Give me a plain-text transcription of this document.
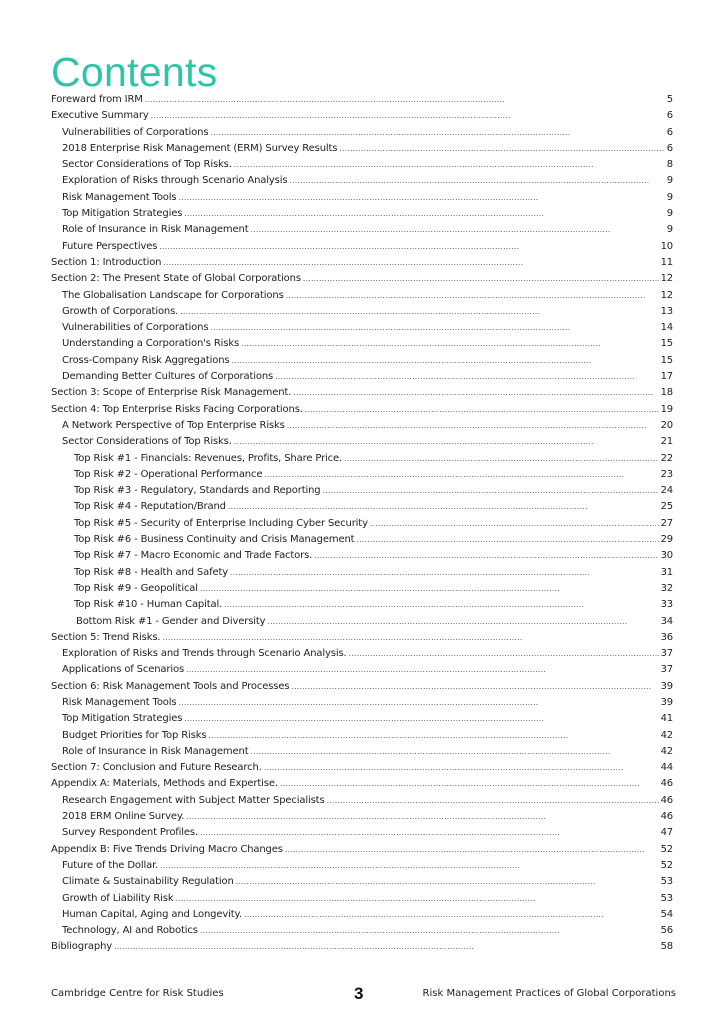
Contents
Foreward from IRM . . .	5
Executive Summary . . .	6
Vulnerabilities of Corporations . . .	6
2018 Enterprise Risk Management (ERM) Survey Results . . .	6
Sector Considerations of Top Risks. . . .	8
Exploration of Risks through Scenario Analysis . . .	9
Risk Management Tools . . .	9
Top Mitigation Strategies . . .	9
Role of Insurance in Risk Management . . .	9
Future Perspectives . . .	10
Section 1: Introduction . . .	11
Section 2: The Present State of Global Corporations . . .	12
The Globalisation Landscape for Corporations . . .	12
Growth of Corporations. . . .	13
Vulnerabilities of Corporations . . .	14
Understanding a Corporation's Risks . . .	15
Cross-Company Risk Aggregations . . .	15
Demanding Better Cultures of Corporations . . .	17
Section 3: Scope of Enterprise Risk Management. . . .	18
Section 4: Top Enterprise Risks Facing Corporations. . . .	19
A Network Perspective of Top Enterprise Risks . . .	20
Sector Considerations of Top Risks. . . .	21
Top Risk #1 - Financials: Revenues, Profits, Share Price. . . .	22
Top Risk #2 - Operational Performance . . .	23
Top Risk #3 - Regulatory, Standards and Reporting . . .	24
Top Risk #4 - Reputation/Brand . . .	25
Top Risk #5 - Security of Enterprise Including Cyber Security . . .	27
Top Risk #6 - Business Continuity and Crisis Management . . .	29
Top Risk #7 - Macro Economic and Trade Factors. . . .	30
Top Risk #8 - Health and Safety . . .	31
Top Risk #9 - Geopolitical . . .	32
Top Risk #10 - Human Capital. . . .	33
Bottom Risk #1 - Gender and Diversity . . .	34
Section 5: Trend Risks. . . .	36
Exploration of Risks and Trends through Scenario Analysis. . . .	37
Applications of Scenarios . . .	37
Section 6: Risk Management Tools and Processes . . .	39
Risk Management Tools . . .	39
Top Mitigation Strategies . . .	41
Budget Priorities for Top Risks . . .	42
Role of Insurance in Risk Management . . .	42
Section 7: Conclusion and Future Research. . . .	44
Appendix A: Materials, Methods and Expertise. . . .	46
Research Engagement with Subject Matter Specialists . . .	46
2018 ERM Online Survey. . . .	46
Survey Respondent Profiles. . . .	47
Appendix B: Five Trends Driving Macro Changes . . .	52
Future of the Dollar. . . .	52
Climate & Sustainability Regulation . . .	53
Growth of Liability Risk . . .	53
Human Capital, Aging and Longevity. . . .	54
Technology, AI and Robotics . . .	56
Bibliography . . .	58
Cambridge Centre for Risk Studies	3	Risk Management Practices of Global Corporations
